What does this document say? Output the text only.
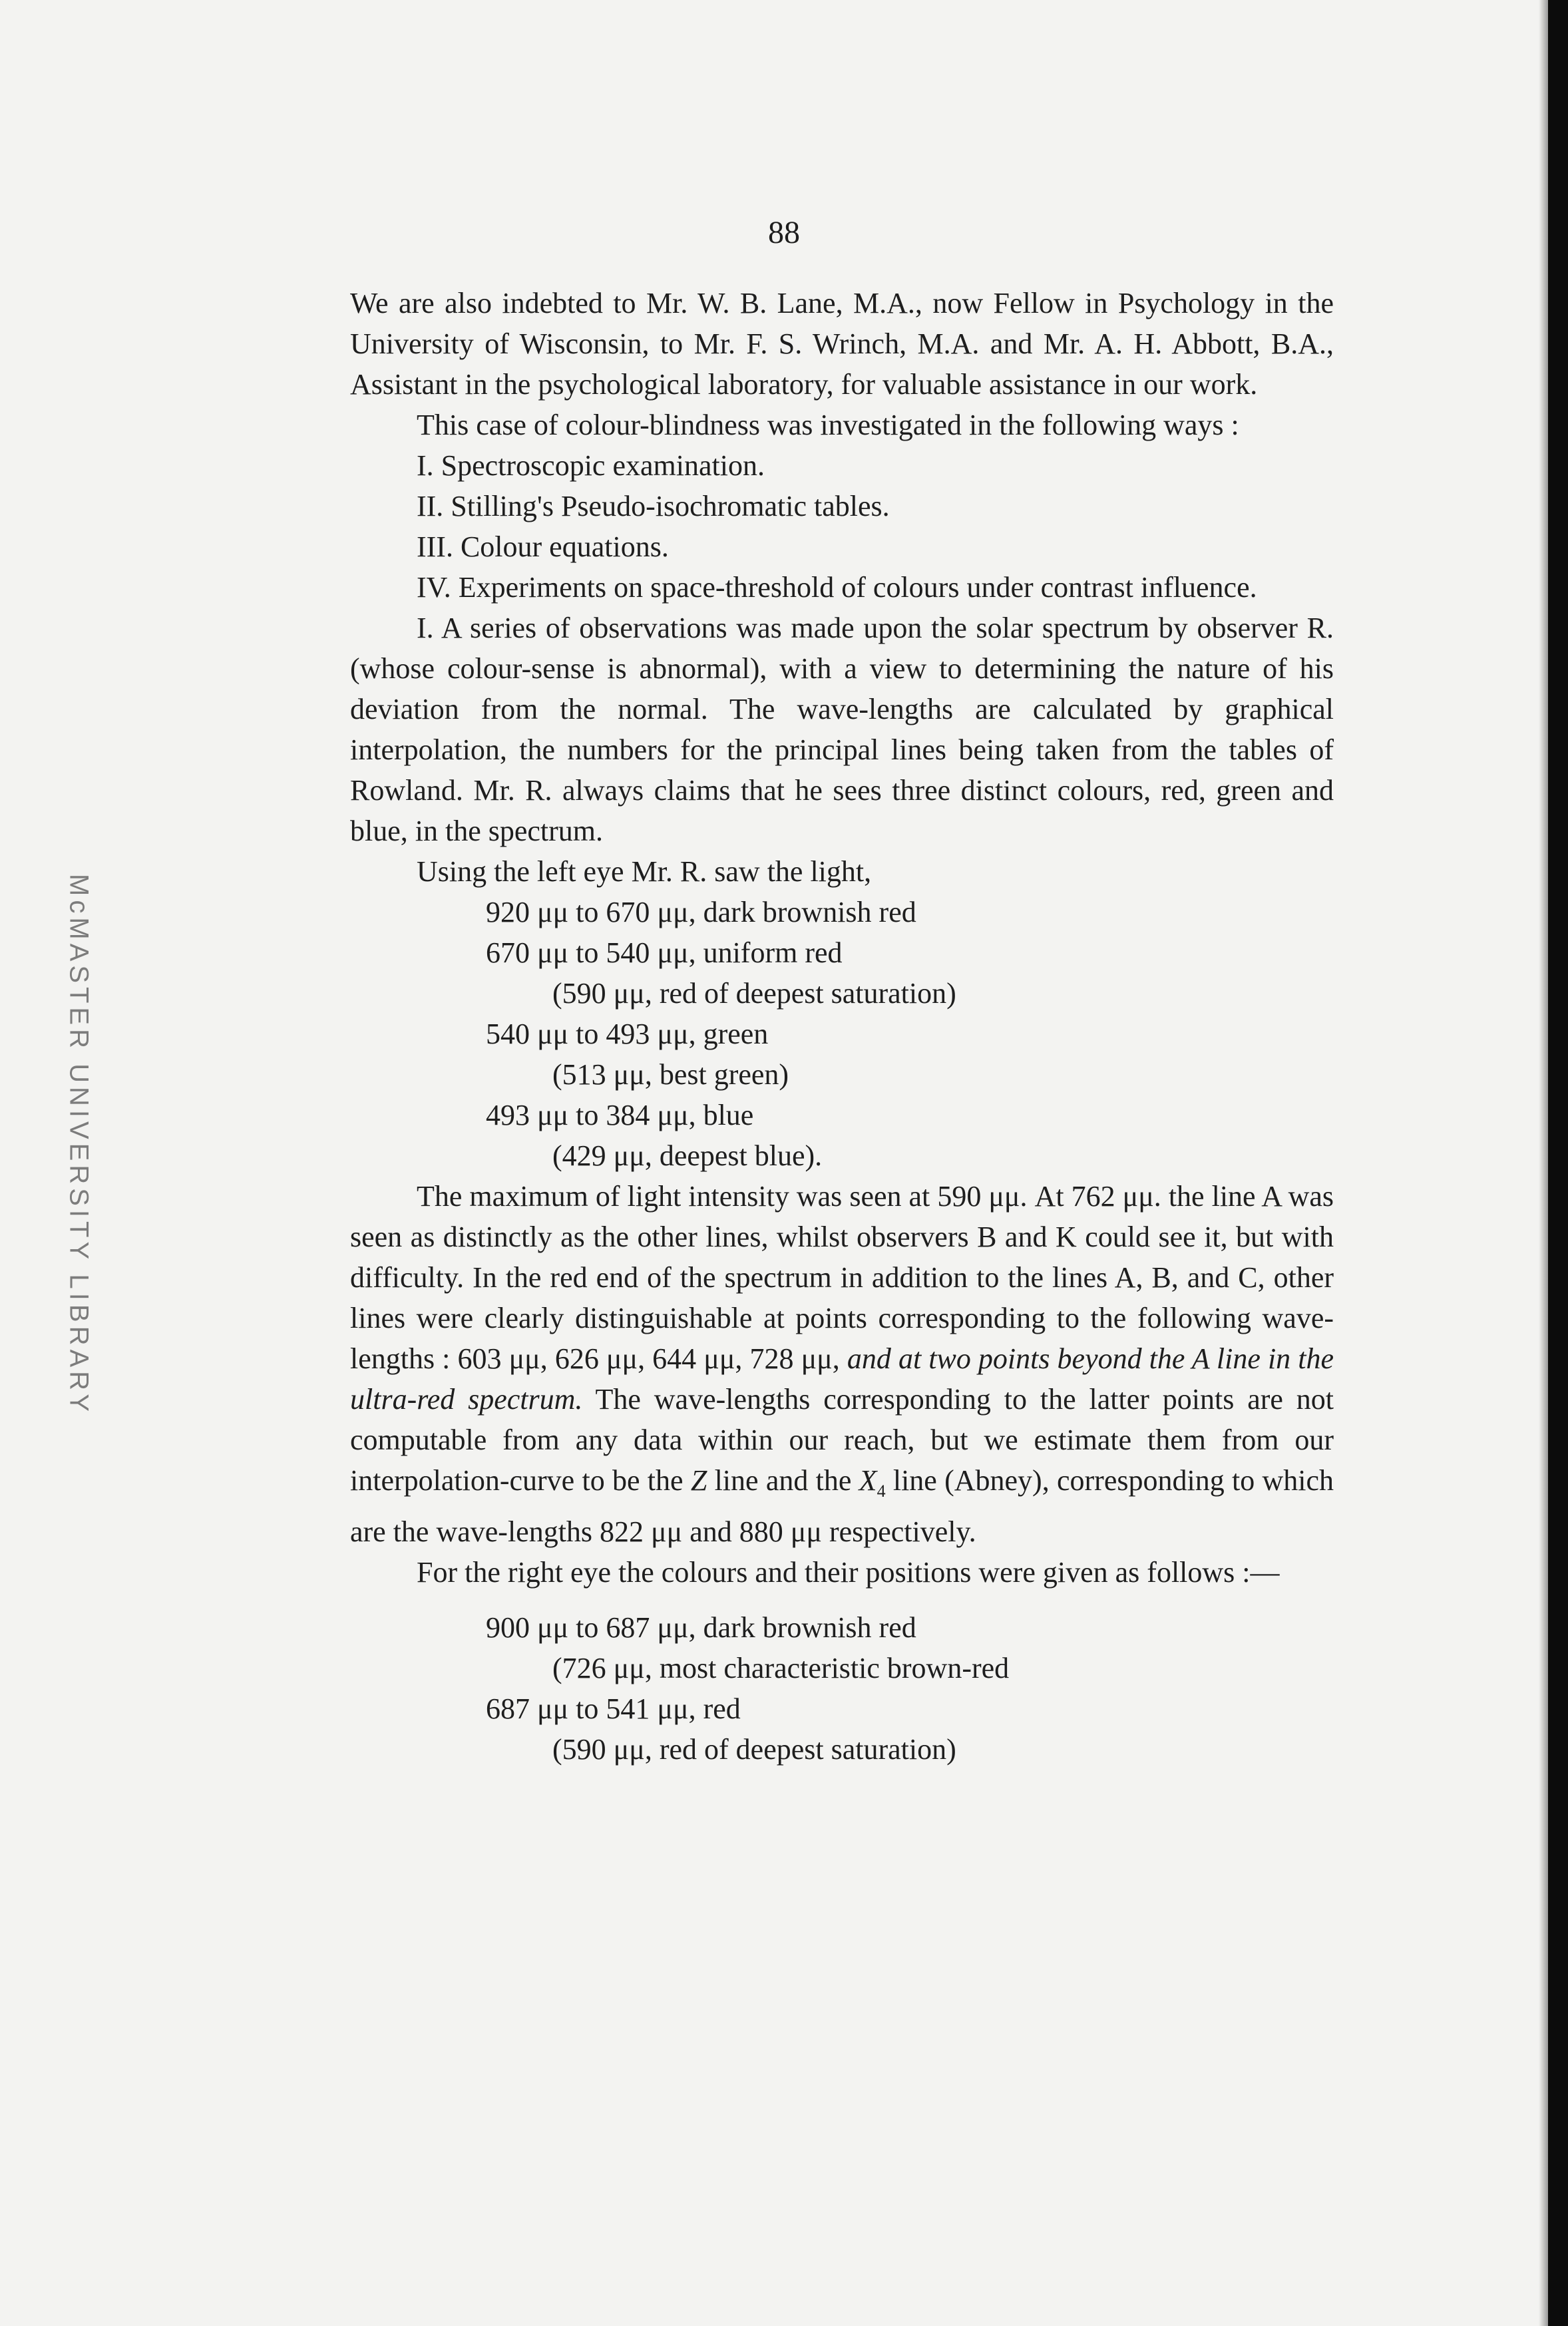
McMASTER UNIVERSITY LIBRARY
88

We are also indebted to Mr. W. B. Lane, M.A., now Fellow in Psychology in the University of Wisconsin, to Mr. F. S. Wrinch, M.A. and Mr. A. H. Abbott, B.A., Assistant in the psychological laboratory, for valuable assistance in our work.

This case of colour-blindness was investigated in the following ways :

I. Spectroscopic examination.

II. Stilling's Pseudo-isochromatic tables.

III. Colour equations.

IV. Experiments on space-threshold of colours under contrast influence.

I. A series of observations was made upon the solar spectrum by observer R. (whose colour-sense is abnormal), with a view to determining the nature of his deviation from the normal. The wave-lengths are calculated by graphical interpolation, the numbers for the principal lines being taken from the tables of Rowland. Mr. R. always claims that he sees three distinct colours, red, green and blue, in the spectrum.

Using the left eye Mr. R. saw the light,

920 μμ to 670 μμ, dark brownish red

670 μμ to 540 μμ, uniform red

(590 μμ, red of deepest saturation)

540 μμ to 493 μμ, green

(513 μμ, best green)

493 μμ to 384 μμ, blue

(429 μμ, deepest blue).

The maximum of light intensity was seen at 590 μμ. At 762 μμ. the line A was seen as distinctly as the other lines, whilst observers B and K could see it, but with difficulty. In the red end of the spectrum in addition to the lines A, B, and C, other lines were clearly distinguishable at points corresponding to the following wave-lengths : 603 μμ, 626 μμ, 644 μμ, 728 μμ, and at two points beyond the A line in the ultra-red spectrum. The wave-lengths corresponding to the latter points are not computable from any data within our reach, but we estimate them from our interpolation-curve to be the Z line and the $X_4$ line (Abney), corresponding to which are the wave-lengths 822 μμ and 880 μμ respectively.

For the right eye the colours and their positions were given as follows :—

900 μμ to 687 μμ, dark brownish red

(726 μμ, most characteristic brown-red

687 μμ to 541 μμ, red

(590 μμ, red of deepest saturation)
